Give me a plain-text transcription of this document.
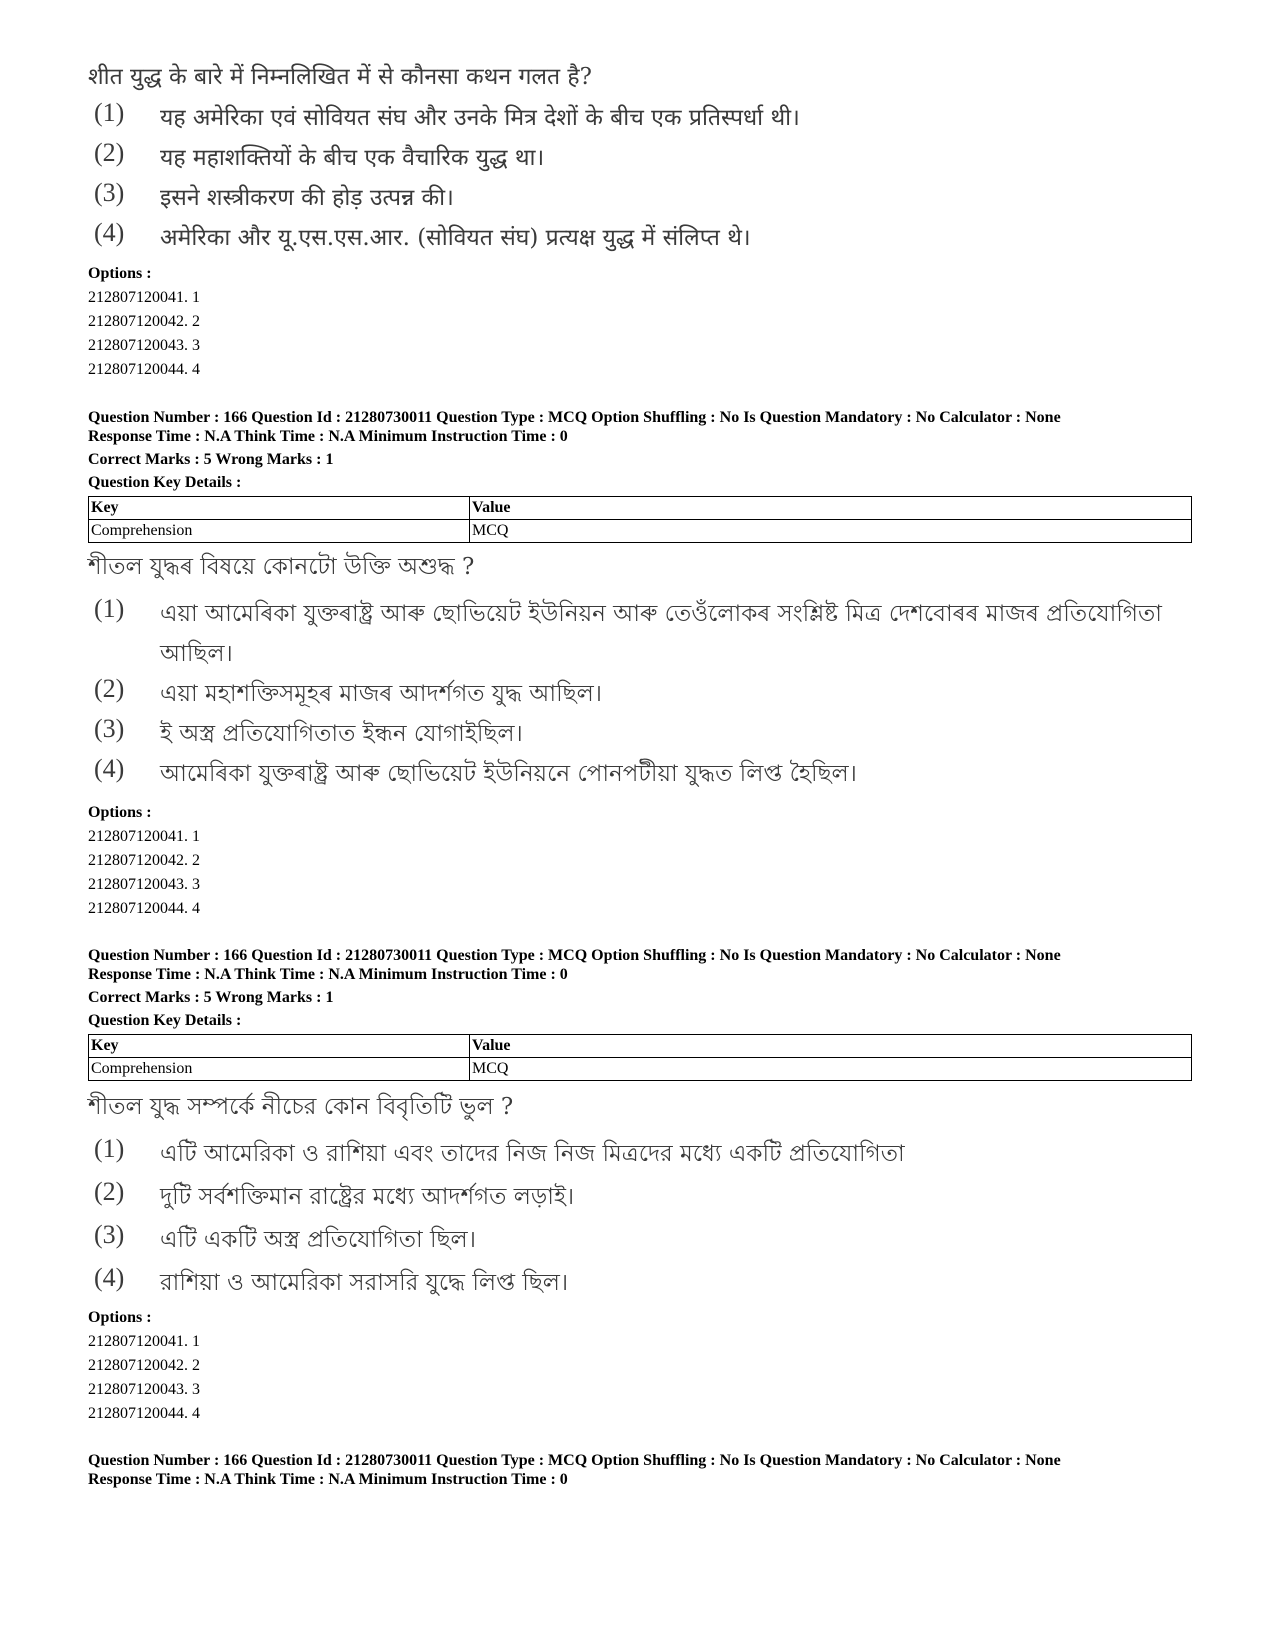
शीत युद्ध के बारे में निम्नलिखित में से कौनसा कथन गलत है?
(1)	यह अमेरिका एवं सोवियत संघ और उनके मित्र देशों के बीच एक प्रतिस्पर्धा थी।
(2)	यह महाशक्तियों के बीच एक वैचारिक युद्ध था।
(3)	इसने शस्त्रीकरण की होड़ उत्पन्न की।
(4)	अमेरिका और यू.एस.एस.आर. (सोवियत संघ) प्रत्यक्ष युद्ध में संलिप्त थे।
Options :
212807120041. 1
212807120042. 2
212807120043. 3
212807120044. 4
Question Number : 166 Question Id : 21280730011 Question Type : MCQ Option Shuffling : No Is Question Mandatory : No Calculator : None
Response Time : N.A Think Time : N.A Minimum Instruction Time : 0
Correct Marks : 5 Wrong Marks : 1
Question Key Details :
Key	Value
Comprehension	MCQ
শীতল যুদ্ধৰ বিষয়ে কোনটো উক্তি অশুদ্ধ ?
(1)	এয়া আমেৰিকা যুক্তৰাষ্ট্ৰ আৰু ছোভিয়েট ইউনিয়ন আৰু তেওঁলোকৰ সংশ্লিষ্ট মিত্ৰ দেশবোৰৰ মাজৰ প্ৰতিযোগিতা আছিল।
(2)	এয়া মহাশক্তিসমূহৰ মাজৰ আদৰ্শগত যুদ্ধ আছিল।
(3)	ই অস্ত্ৰ প্ৰতিযোগিতাত ইন্ধন যোগাইছিল।
(4)	আমেৰিকা যুক্তৰাষ্ট্ৰ আৰু ছোভিয়েট ইউনিয়নে পোনপটীয়া যুদ্ধত লিপ্ত হৈছিল।
Options :
212807120041. 1
212807120042. 2
212807120043. 3
212807120044. 4
Question Number : 166 Question Id : 21280730011 Question Type : MCQ Option Shuffling : No Is Question Mandatory : No Calculator : None
Response Time : N.A Think Time : N.A Minimum Instruction Time : 0
Correct Marks : 5 Wrong Marks : 1
Question Key Details :
Key	Value
Comprehension	MCQ
শীতল যুদ্ধ সম্পর্কে নীচের কোন বিবৃতিটি ভুল ?
(1)	এটি আমেরিকা ও রাশিয়া এবং তাদের নিজ নিজ মিত্রদের মধ্যে একটি প্রতিযোগিতা
(2)	দুটি সর্বশক্তিমান রাষ্ট্রের মধ্যে আদর্শগত লড়াই।
(3)	এটি একটি অস্ত্র প্রতিযোগিতা ছিল।
(4)	রাশিয়া ও আমেরিকা সরাসরি যুদ্ধে লিপ্ত ছিল।
Options :
212807120041. 1
212807120042. 2
212807120043. 3
212807120044. 4
Question Number : 166 Question Id : 21280730011 Question Type : MCQ Option Shuffling : No Is Question Mandatory : No Calculator : None
Response Time : N.A Think Time : N.A Minimum Instruction Time : 0
